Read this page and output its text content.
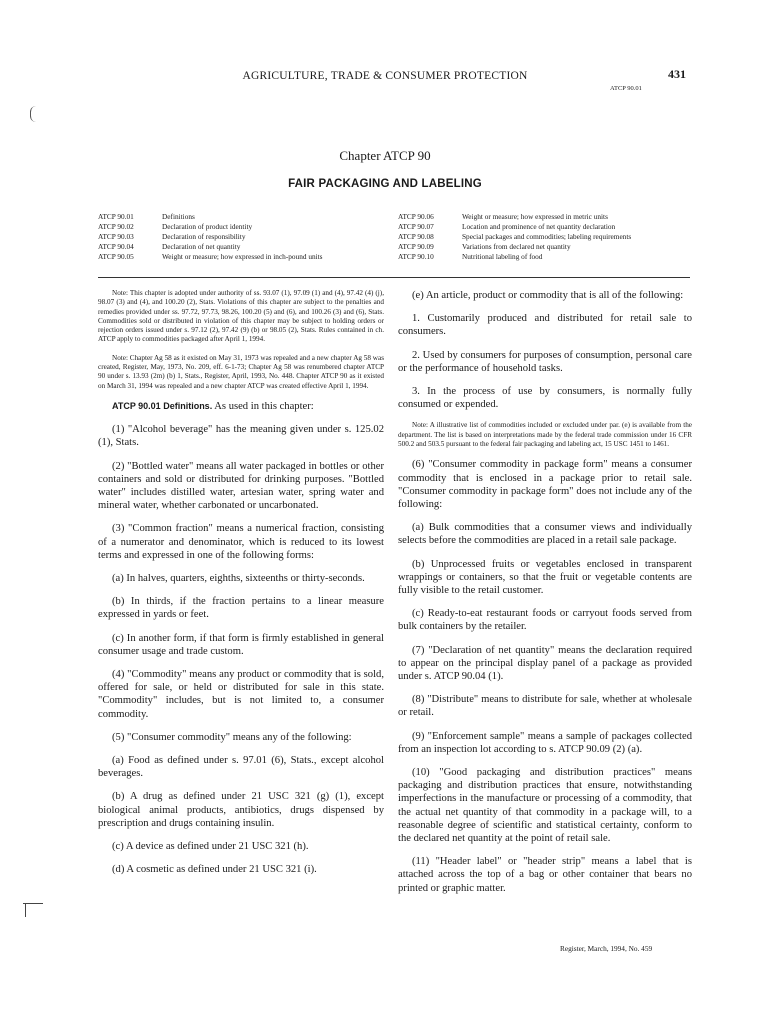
AGRICULTURE, TRADE & CONSUMER PROTECTION	431
ATCP 90.01
Chapter ATCP 90
FAIR PACKAGING AND LABELING
ATCP 90.01	Definitions
ATCP 90.02	Declaration of product identity
ATCP 90.03	Declaration of responsibility
ATCP 90.04	Declaration of net quantity
ATCP 90.05	Weight or measure; how expressed in inch-pound units
ATCP 90.06	Weight or measure; how expressed in metric units
ATCP 90.07	Location and prominence of net quantity declaration
ATCP 90.08	Special packages and commodities; labeling requirements
ATCP 90.09	Variations from declared net quantity
ATCP 90.10	Nutritional labeling of food

Note: This chapter is adopted under authority of ss. 93.07 (1), 97.09 (1) and (4), 97.42 (4) (j), 98.07 (3) and (4), and 100.20 (2), Stats. Violations of this chapter are subject to the penalties and remedies provided under ss. 97.72, 97.73, 98.26, 100.20 (5) and (6), and 100.26 (3) and (6), Stats. Commodities sold or distributed in violation of this chapter may be subject to holding orders or rejection orders issued under s. 97.12 (2), 97.42 (9) (b) or 98.05 (2), Stats. Rules contained in ch. ATCP apply to commodities packaged after April 1, 1994.

Note: Chapter Ag 58 as it existed on May 31, 1973 was repealed and a new chapter Ag 58 was created, Register, May, 1973, No. 209, eff. 6-1-73; Chapter Ag 58 was renumbered chapter ATCP 90 under s. 13.93 (2m) (b) 1, Stats., Register, April, 1993, No. 448. Chapter ATCP 90 as it existed on March 31, 1994 was repealed and a new chapter ATCP was created effective April 1, 1994.

ATCP 90.01 Definitions. As used in this chapter:

(1) "Alcohol beverage" has the meaning given under s. 125.02 (1), Stats.

(2) "Bottled water" means all water packaged in bottles or other containers and sold or distributed for drinking purposes. "Bottled water" includes distilled water, artesian water, spring water and mineral water, whether carbonated or uncarbonated.

(3) "Common fraction" means a numerical fraction, consisting of a numerator and denominator, which is reduced to its lowest terms and expressed in one of the following forms:

(a) In halves, quarters, eighths, sixteenths or thirty-seconds.

(b) In thirds, if the fraction pertains to a linear measure expressed in yards or feet.

(c) In another form, if that form is firmly established in general consumer usage and trade custom.

(4) "Commodity" means any product or commodity that is sold, offered for sale, or held or distributed for sale in this state. "Commodity" includes, but is not limited to, a consumer commodity.

(5) "Consumer commodity" means any of the following:

(a) Food as defined under s. 97.01 (6), Stats., except alcohol beverages.

(b) A drug as defined under 21 USC 321 (g) (1), except biological animal products, antibiotics, drugs dispensed by prescription and drugs containing insulin.

(c) A device as defined under 21 USC 321 (h).

(d) A cosmetic as defined under 21 USC 321 (i).

(e) An article, product or commodity that is all of the following:

1. Customarily produced and distributed for retail sale to consumers.

2. Used by consumers for purposes of consumption, personal care or the performance of household tasks.

3. In the process of use by consumers, is normally fully consumed or expended.

Note: A illustrative list of commodities included or excluded under par. (e) is available from the department. The list is based on interpretations made by the federal trade commission under 16 CFR 500.2 and 503.5 pursuant to the federal fair packaging and labeling act, 15 USC 1451 to 1461.

(6) "Consumer commodity in package form" means a consumer commodity that is enclosed in a package prior to retail sale. "Consumer commodity in package form" does not include any of the following:

(a) Bulk commodities that a consumer views and individually selects before the commodities are placed in a retail sale package.

(b) Unprocessed fruits or vegetables enclosed in transparent wrappings or containers, so that the fruit or vegetable contents are fully visible to the retail customer.

(c) Ready-to-eat restaurant foods or carryout foods served from bulk containers by the retailer.

(7) "Declaration of net quantity" means the declaration required to appear on the principal display panel of a package as provided under s. ATCP 90.04 (1).

(8) "Distribute" means to distribute for sale, whether at wholesale or retail.

(9) "Enforcement sample" means a sample of packages collected from an inspection lot according to s. ATCP 90.09 (2) (a).

(10) "Good packaging and distribution practices" means packaging and distribution practices that ensure, notwithstanding imperfections in the manufacture or processing of a commodity, that the actual net quantity of that commodity in a package will, to a reasonable degree of scientific and statistical certainty, conform to the declared net quantity at the point of retail sale.

(11) "Header label" or "header strip" means a label that is attached across the top of a bag or other container that bears no printed or graphic matter.

Register, March, 1994, No. 459
